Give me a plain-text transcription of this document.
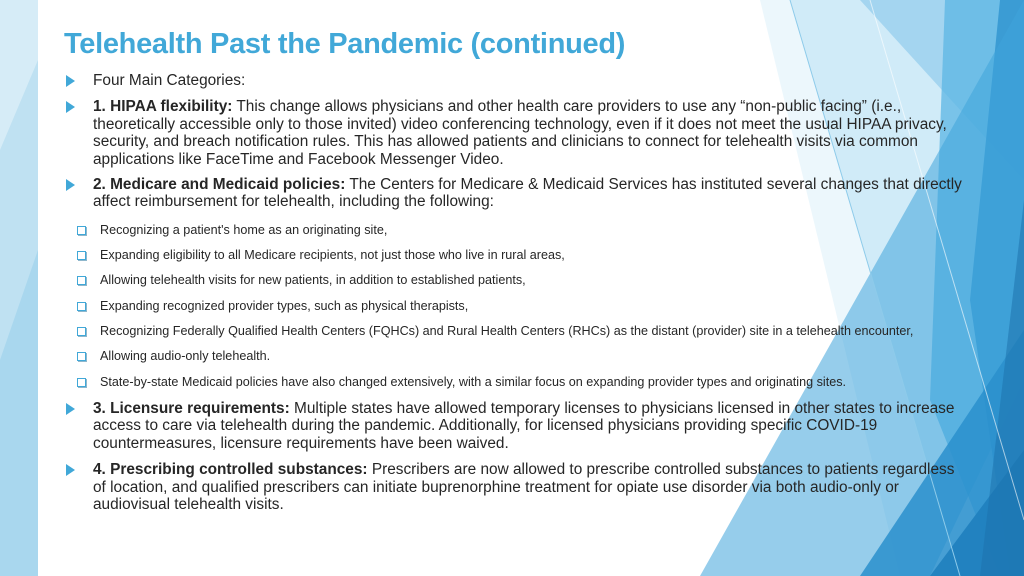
Telehealth Past the Pandemic (continued)
Four Main Categories:
1. HIPAA flexibility: This change allows physicians and other health care providers to use any “non-public facing” (i.e., theoretically accessible only to those invited) video conferencing technology, even if it does not meet the usual HIPAA privacy, security, and breach notification rules. This has allowed patients and clinicians to connect for telehealth visits via common applications like FaceTime and Facebook Messenger Video.
2. Medicare and Medicaid policies: The Centers for Medicare & Medicaid Services has instituted several changes that directly affect reimbursement for telehealth, including the following:
Recognizing a patient's home as an originating site,
Expanding eligibility to all Medicare recipients, not just those who live in rural areas,
Allowing telehealth visits for new patients, in addition to established patients,
Expanding recognized provider types, such as physical therapists,
Recognizing Federally Qualified Health Centers (FQHCs) and Rural Health Centers (RHCs) as the distant (provider) site in a telehealth encounter,
Allowing audio-only telehealth.
State-by-state Medicaid policies have also changed extensively, with a similar focus on expanding provider types and originating sites.
3. Licensure requirements: Multiple states have allowed temporary licenses to physicians licensed in other states to increase access to care via telehealth during the pandemic. Additionally, for licensed physicians providing specific COVID-19 countermeasures, licensure requirements have been waived.
4. Prescribing controlled substances: Prescribers are now allowed to prescribe controlled substances to patients regardless of location, and qualified prescribers can initiate buprenorphine treatment for opiate use disorder via both audio-only or audiovisual telehealth visits.
